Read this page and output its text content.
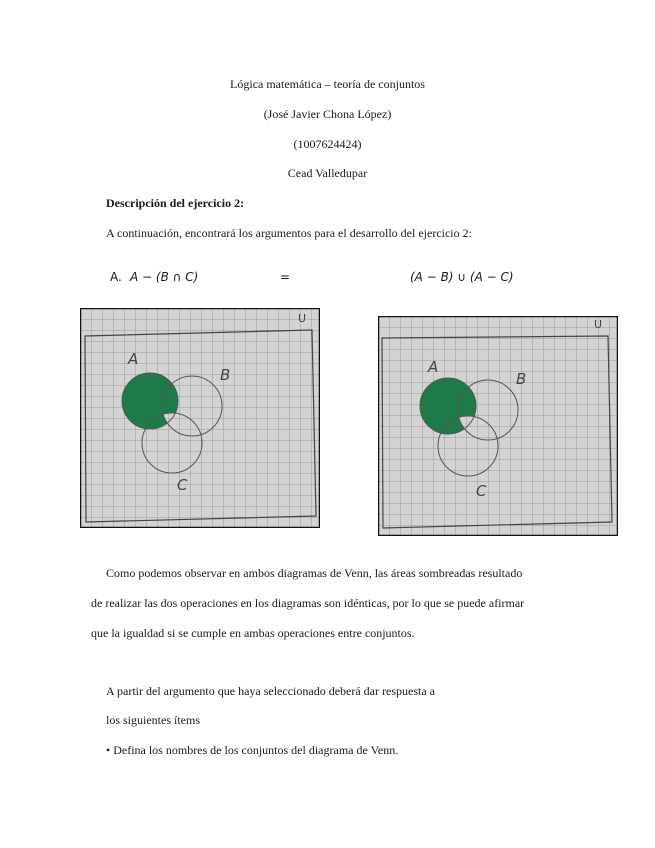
Lógica matemática – teoría de conjuntos
(José Javier Chona López)
(1007624424)
Cead Valledupar
Descripción del ejercicio 2:
A continuación, encontrará los argumentos para el desarrollo del ejercicio 2:
A. A − (B ∩ C)	=	(A − B) ∪ (A − C)
A
B
C
U
A
B
C
U
Como podemos observar en ambos diagramas de Venn, las áreas sombreadas resultado
de realizar las dos operaciones en los diagramas son idénticas, por lo que se puede afirmar
que la igualdad si se cumple en ambas operaciones entre conjuntos.
A partir del argumento que haya seleccionado deberá dar respuesta a
los siguientes ítems
• Defina los nombres de los conjuntos del diagrama de Venn.
